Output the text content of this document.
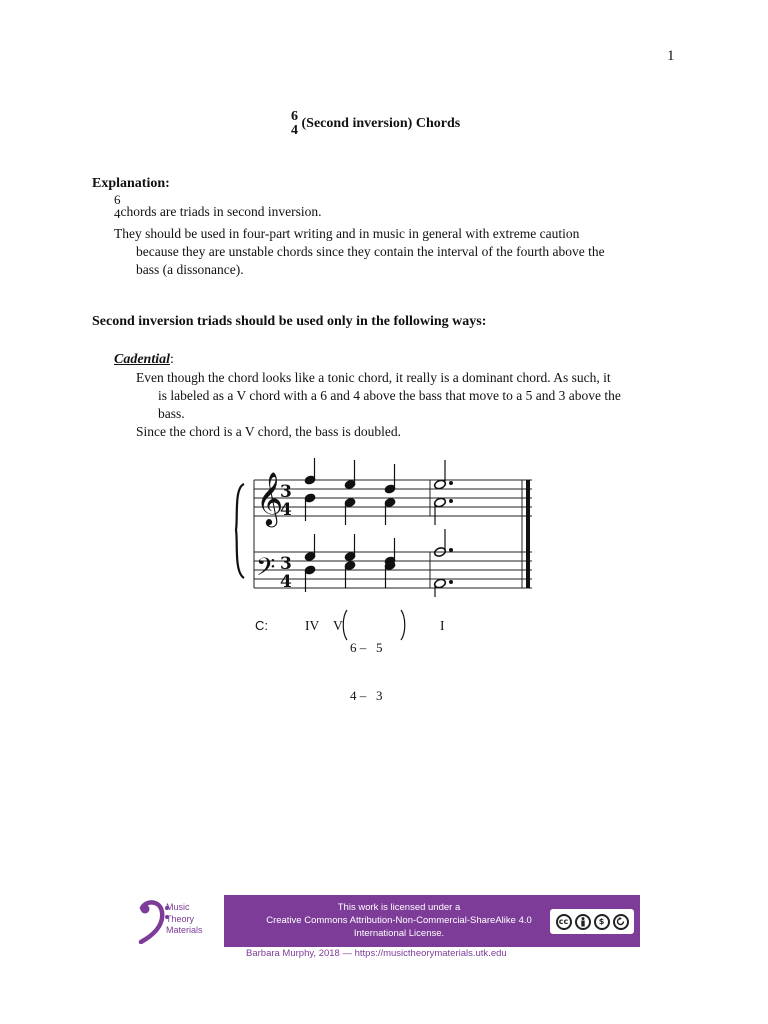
1
6
4 (Second inversion) Chords
Explanation:
6
4 chords are triads in second inversion.
They should be used in four-part writing and in music in general with extreme caution
because they are unstable chords since they contain the interval of the fourth above the
bass (a dissonance).
Second inversion triads should be used only in the following ways:
Cadential:
Even though the chord looks like a tonic chord, it really is a dominant chord. As such, it
is labeled as a V chord with a 6 and 4 above the bass that move to a 5 and 3 above the
bass.
Since the chord is a V chord, the bass is doubled.
𝄞
𝄢
3
4
3
4
C:	IV V

6 –   5

4 –   3

I
Music
Theory
Materials
This work is licensed under a
Creative Commons Attribution-Non-Commercial-ShareAlike 4.0
International License.
cc	$
Barbara Murphy, 2018 — https://musictheorymaterials.utk.edu
